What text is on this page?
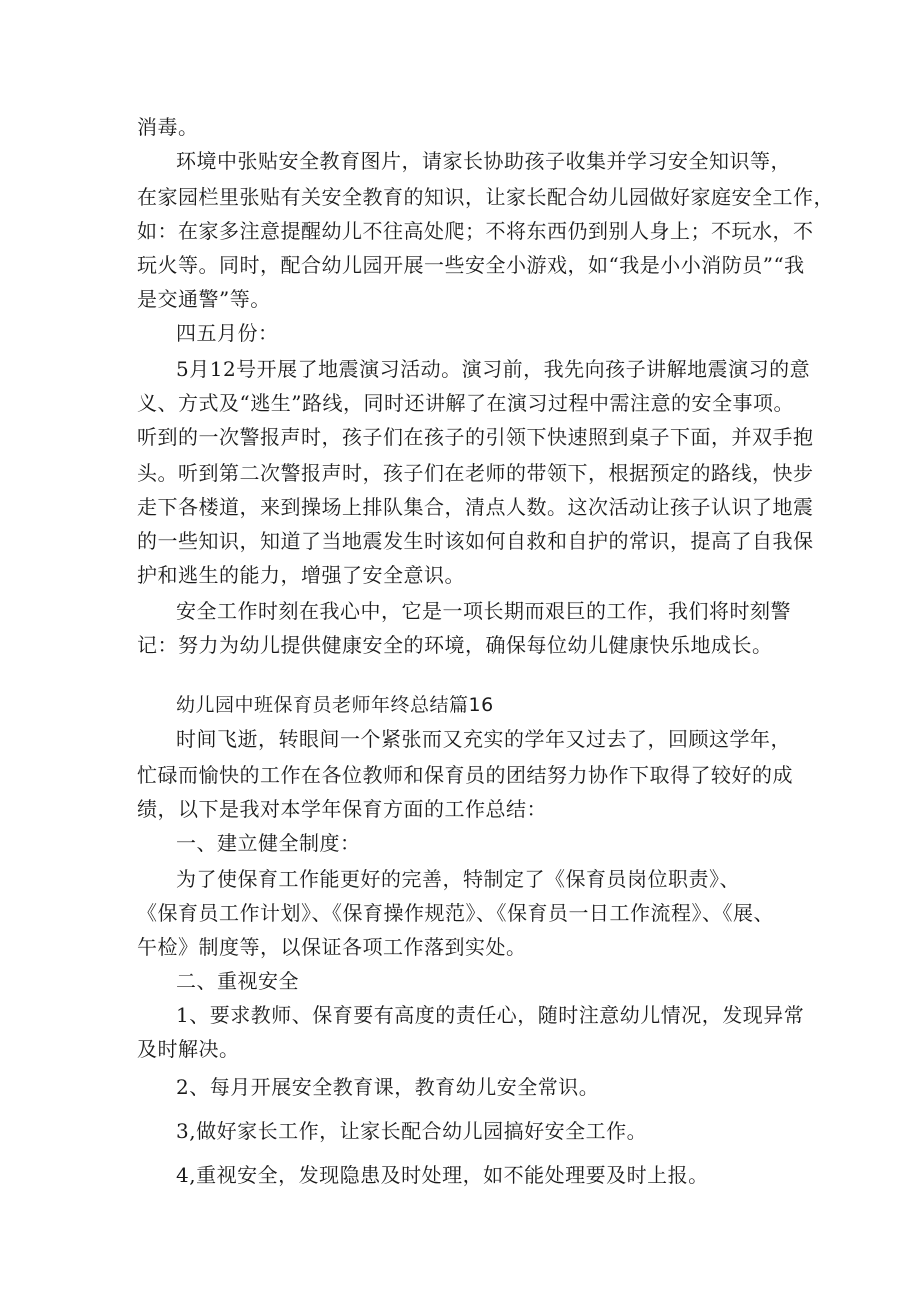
消毒。
环境中张贴安全教育图片，请家长协助孩子收集并学习安全知识等，
在家园栏里张贴有关安全教育的知识，让家长配合幼儿园做好家庭安全工作，
如：在家多注意提醒幼儿不往高处爬；不将东西仍到别人身上；不玩水，不
玩火等。同时，配合幼儿园开展一些安全小游戏，如“我是小小消防员”“我
是交通警”等。
四五月份：
5月12号开展了地震演习活动。演习前，我先向孩子讲解地震演习的意
义、方式及“逃生”路线，同时还讲解了在演习过程中需注意的安全事项。
听到的一次警报声时，孩子们在孩子的引领下快速照到桌子下面，并双手抱
头。听到第二次警报声时，孩子们在老师的带领下，根据预定的路线，快步
走下各楼道，来到操场上排队集合，清点人数。这次活动让孩子认识了地震
的一些知识，知道了当地震发生时该如何自救和自护的常识，提高了自我保
护和逃生的能力，增强了安全意识。
安全工作时刻在我心中，它是一项长期而艰巨的工作，我们将时刻警
记：努力为幼儿提供健康安全的环境，确保每位幼儿健康快乐地成长。
幼儿园中班保育员老师年终总结篇16
时间飞逝，转眼间一个紧张而又充实的学年又过去了，回顾这学年，
忙碌而愉快的工作在各位教师和保育员的团结努力协作下取得了较好的成
绩，以下是我对本学年保育方面的工作总结：
一、建立健全制度：
为了使保育工作能更好的完善，特制定了《保育员岗位职责》、
《保育员工作计划》、《保育操作规范》、《保育员一日工作流程》、《展、
午检》制度等，以保证各项工作落到实处。
二、重视安全
1、要求教师、保育要有高度的责任心，随时注意幼儿情况，发现异常
及时解决。
2、每月开展安全教育课，教育幼儿安全常识。
3,做好家长工作，让家长配合幼儿园搞好安全工作。
4,重视安全，发现隐患及时处理，如不能处理要及时上报。
